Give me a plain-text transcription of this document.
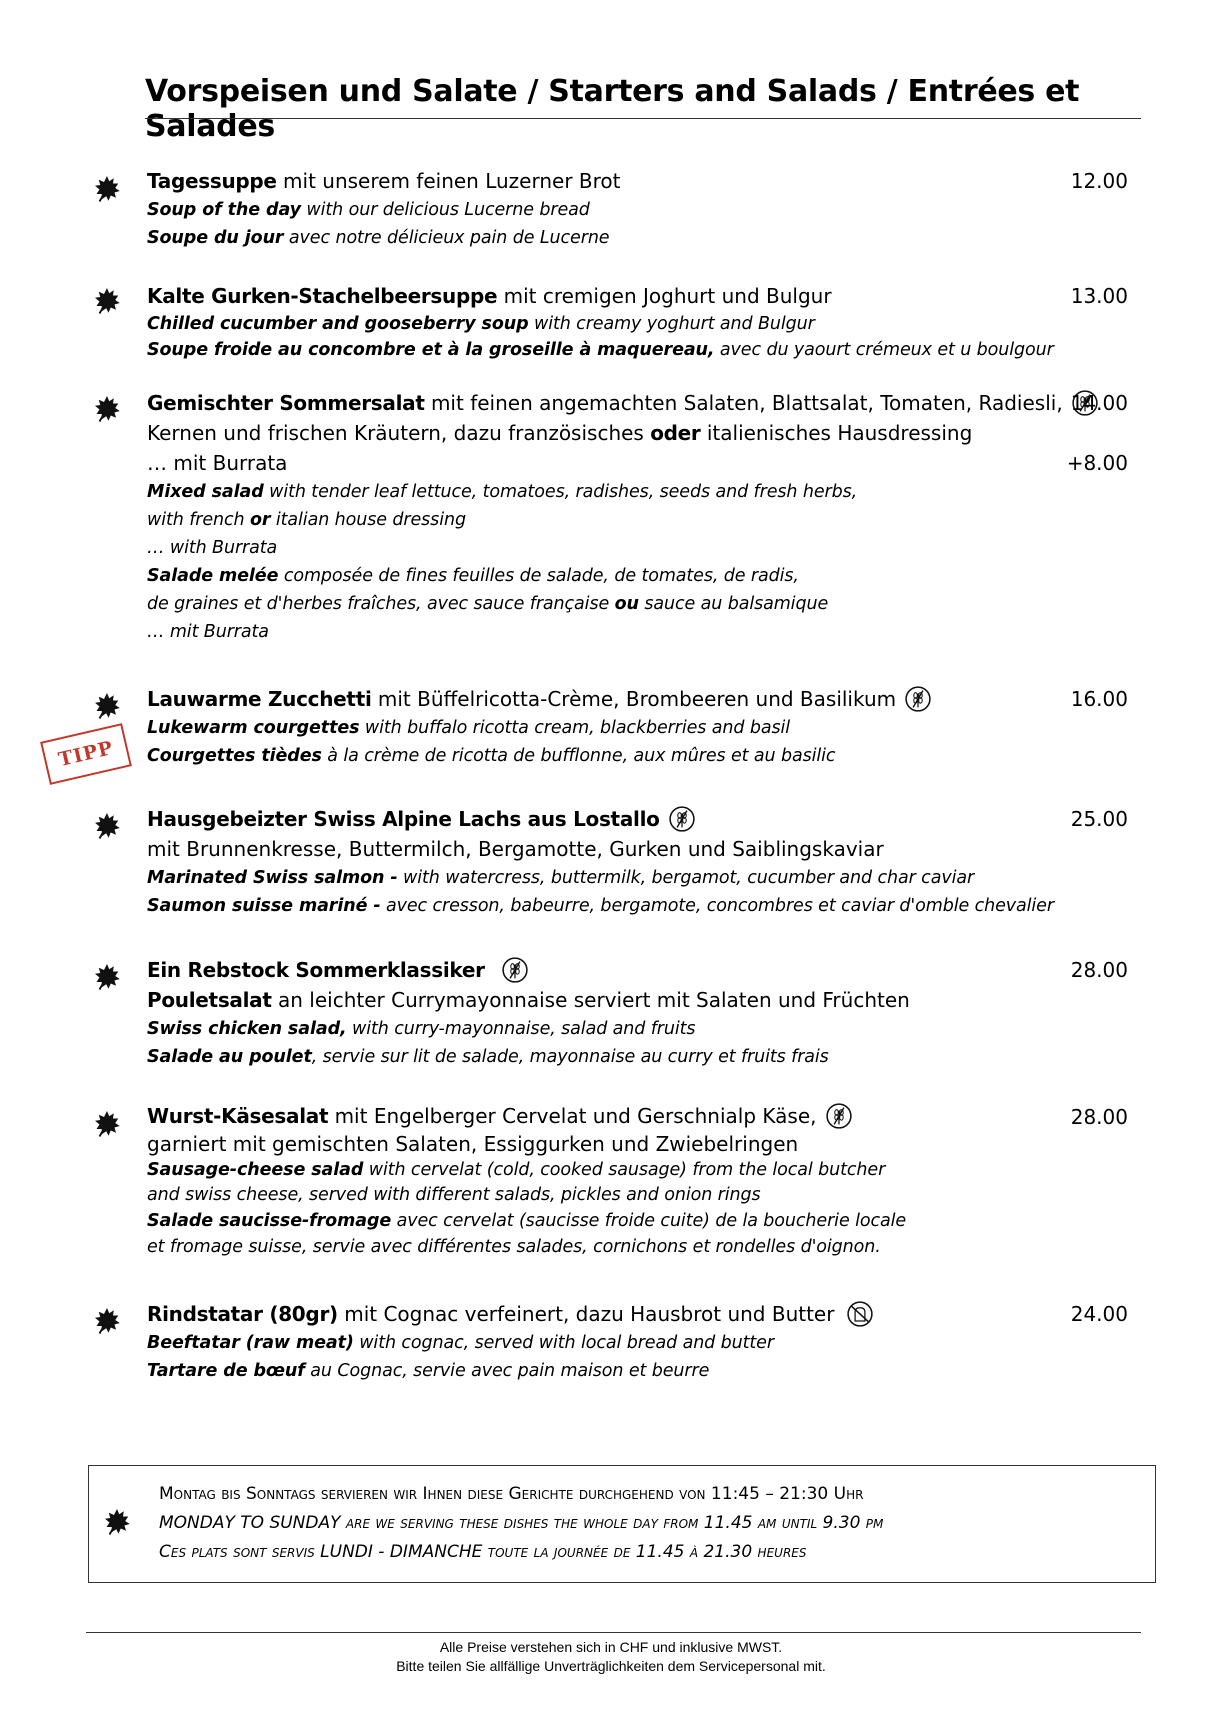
Vorspeisen und Salate / Starters and Salads / Entrées et Salades
Tagessuppe mit unserem feinen Luzerner Brot
Soup of the day with our delicious Lucerne bread
Soupe du jour avec notre délicieux pain de Lucerne
12.00
Kalte Gurken-Stachelbeersuppe mit cremigen Joghurt und Bulgur
Chilled cucumber and gooseberry soup with creamy yoghurt and Bulgur
Soupe froide au concombre et à la groseille à maquereau, avec du yaourt crémeux et u boulgour
13.00
Gemischter Sommersalat mit feinen angemachten Salaten, Blattsalat, Tomaten, Radiesli,
Kernen und frischen Kräutern, dazu französisches oder italienisches Hausdressing
… mit Burrata
Mixed salad with tender leaf lettuce, tomatoes, radishes, seeds and fresh herbs,
with french or italian house dressing
… with Burrata
Salade melée composée de fines feuilles de salade, de tomates, de radis,
de graines et d'herbes fraîches, avec sauce française ou sauce au balsamique
… mit Burrata
14.00
+8.00
TIPP
Lauwarme Zucchetti mit Büffelricotta-Crème, Brombeeren und Basilikum
Lukewarm courgettes with buffalo ricotta cream, blackberries and basil
Courgettes tièdes à la crème de ricotta de bufflonne, aux mûres et au basilic
16.00
Hausgebeizter Swiss Alpine Lachs aus Lostallo
mit Brunnenkresse, Buttermilch, Bergamotte, Gurken und Saiblingskaviar
Marinated Swiss salmon - with watercress, buttermilk, bergamot, cucumber and char caviar
Saumon suisse mariné - avec cresson, babeurre, bergamote, concombres et caviar d'omble chevalier
25.00
Ein Rebstock Sommerklassiker
Pouletsalat an leichter Currymayonnaise serviert mit Salaten und Früchten
Swiss chicken salad, with curry-mayonnaise, salad and fruits
Salade au poulet, servie sur lit de salade, mayonnaise au curry et fruits frais
28.00
Wurst-Käsesalat mit Engelberger Cervelat und Gerschnialp Käse,
garniert mit gemischten Salaten, Essiggurken und Zwiebelringen
Sausage-cheese salad with cervelat (cold, cooked sausage) from the local butcher
and swiss cheese, served with different salads, pickles and onion rings
Salade saucisse-fromage avec cervelat (saucisse froide cuite) de la boucherie locale
et fromage suisse, servie avec différentes salades, cornichons et rondelles d'oignon.
28.00
Rindstatar (80gr) mit Cognac verfeinert, dazu Hausbrot und Butter
Beeftatar (raw meat) with cognac, served with local bread and butter
Tartare de bœuf au Cognac, servie avec pain maison et beurre
24.00
Montag bis Sonntags servieren wir Ihnen diese Gerichte durchgehend von 11:45 – 21:30 Uhr
MONDAY TO SUNDAY are we serving these dishes the whole day from 11.45 am until 9.30 pm
Ces plats sont servis LUNDI - DIMANCHE toute la journée de 11.45 à 21.30 heures
Alle Preise verstehen sich in CHF und inklusive MWST.
Bitte teilen Sie allfällige Unverträglichkeiten dem Servicepersonal mit.
